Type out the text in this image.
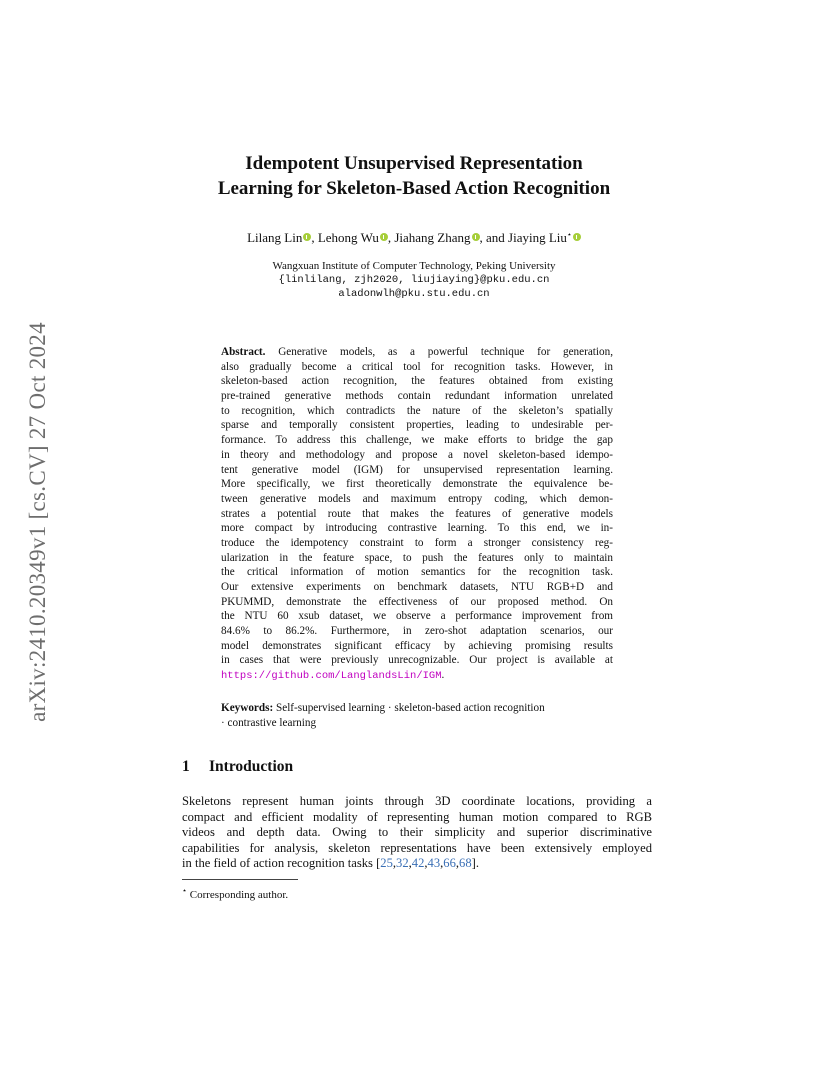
arXiv:2410.20349v1 [cs.CV] 27 Oct 2024
Idempotent Unsupervised Representation
Learning for Skeleton-Based Action Recognition
Lilang Lin , Lehong Wu , Jiahang Zhang , and Jiaying Liu⋆
Wangxuan Institute of Computer Technology, Peking University
{linlilang, zjh2020, liujiaying}@pku.edu.cn
aladonwlh@pku.stu.edu.cn
Abstract. Generative models, as a powerful technique for generation,
also gradually become a critical tool for recognition tasks. However, in
skeleton-based action recognition, the features obtained from existing
pre-trained generative methods contain redundant information unrelated
to recognition, which contradicts the nature of the skeleton’s spatially
sparse and temporally consistent properties, leading to undesirable per-
formance. To address this challenge, we make efforts to bridge the gap
in theory and methodology and propose a novel skeleton-based idempo-
tent generative model (IGM) for unsupervised representation learning.
More specifically, we first theoretically demonstrate the equivalence be-
tween generative models and maximum entropy coding, which demon-
strates a potential route that makes the features of generative models
more compact by introducing contrastive learning. To this end, we in-
troduce the idempotency constraint to form a stronger consistency reg-
ularization in the feature space, to push the features only to maintain
the critical information of motion semantics for the recognition task.
Our extensive experiments on benchmark datasets, NTU RGB+D and
PKUMMD, demonstrate the effectiveness of our proposed method. On
the NTU 60 xsub dataset, we observe a performance improvement from
84.6% to 86.2%. Furthermore, in zero-shot adaptation scenarios, our
model demonstrates significant efficacy by achieving promising results
in cases that were previously unrecognizable. Our project is available at
https://github.com/LanglandsLin/IGM.
Keywords: Self-supervised learning · skeleton-based action recognition
· contrastive learning
1 Introduction
Skeletons represent human joints through 3D coordinate locations, providing a
compact and efficient modality of representing human motion compared to RGB
videos and depth data. Owing to their simplicity and superior discriminative
capabilities for analysis, skeleton representations have been extensively employed
in the field of action recognition tasks [25,32,42,43,66,68].
⋆ Corresponding author.
